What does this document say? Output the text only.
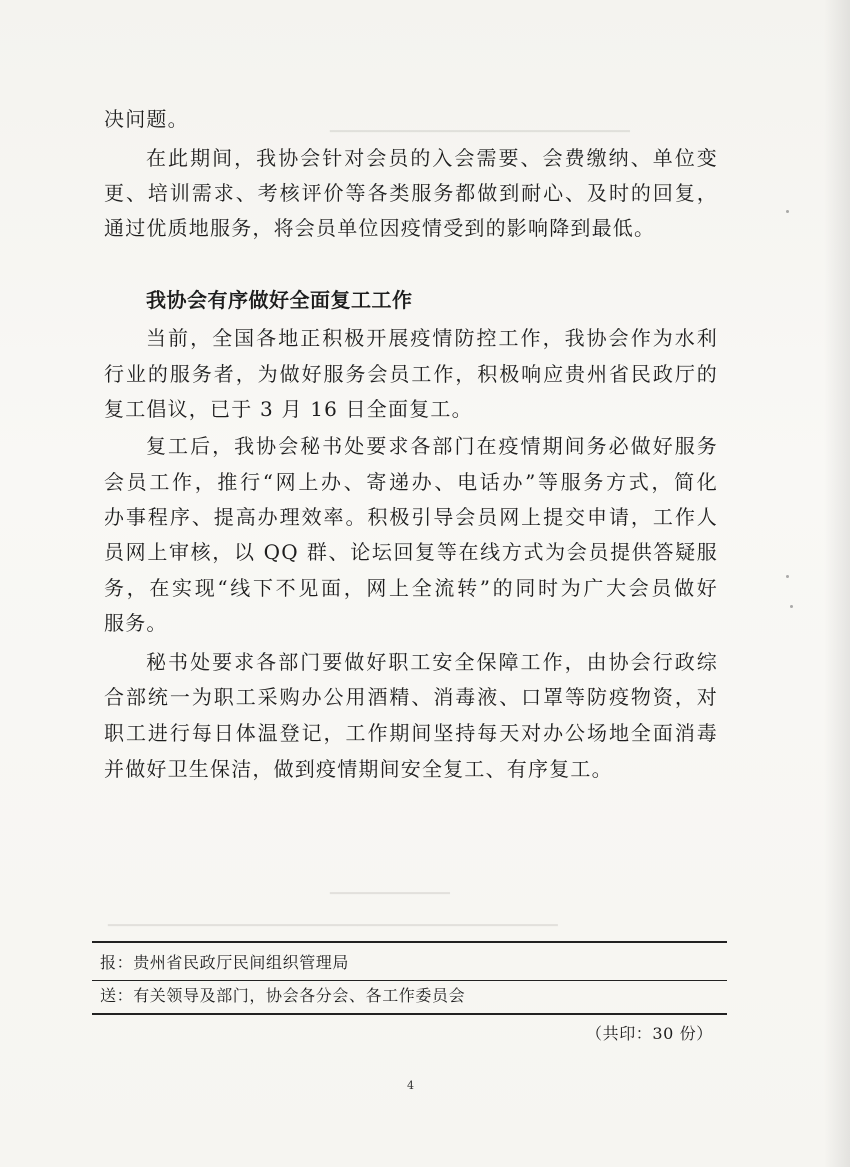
▁▁▁▁▁▁▁▁▁▁▁▁▁▁▁▁▁▁▁▁▁▁▁▁▁▁▁▁▁▁
▁▁▁▁▁▁▁▁▁▁▁▁
▁▁▁▁▁▁▁▁▁▁▁▁▁▁▁▁▁▁▁▁▁▁▁▁▁▁▁▁▁▁▁▁▁▁▁▁▁▁▁▁▁▁▁▁▁
决问题。
在此期间，我协会针对会员的入会需要、会费缴纳、单位变
更、培训需求、考核评价等各类服务都做到耐心、及时的回复，
通过优质地服务，将会员单位因疫情受到的影响降到最低。
我协会有序做好全面复工工作
当前，全国各地正积极开展疫情防控工作，我协会作为水利
行业的服务者，为做好服务会员工作，积极响应贵州省民政厅的
复工倡议，已于 3 月 16 日全面复工。
复工后，我协会秘书处要求各部门在疫情期间务必做好服务
会员工作，推行“网上办、寄递办、电话办”等服务方式，简化
办事程序、提高办理效率。积极引导会员网上提交申请，工作人
员网上审核，以 QQ 群、论坛回复等在线方式为会员提供答疑服
务，在实现“线下不见面，网上全流转”的同时为广大会员做好
服务。
秘书处要求各部门要做好职工安全保障工作，由协会行政综
合部统一为职工采购办公用酒精、消毒液、口罩等防疫物资，对
职工进行每日体温登记，工作期间坚持每天对办公场地全面消毒
并做好卫生保洁，做到疫情期间安全复工、有序复工。
报：贵州省民政厅民间组织管理局
送：有关领导及部门，协会各分会、各工作委员会
（共印：30 份）
4
